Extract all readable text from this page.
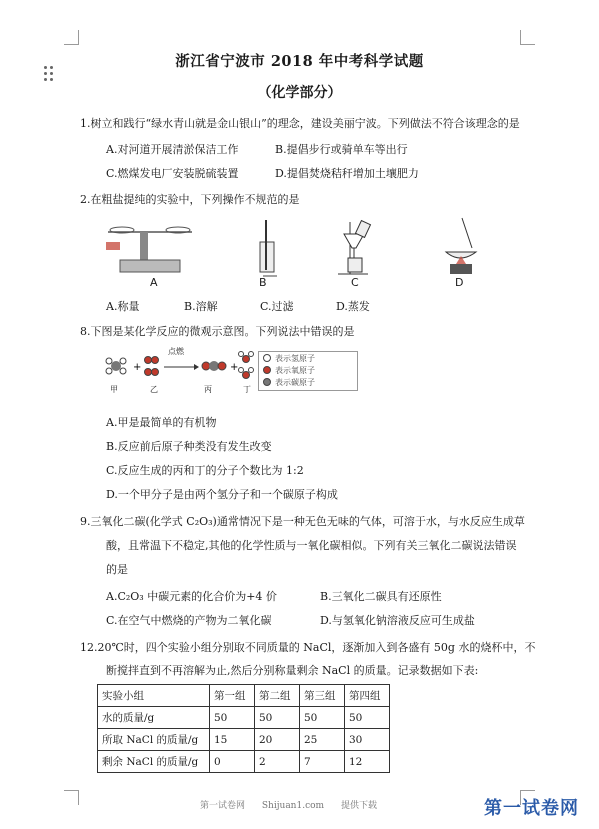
浙江省宁波市 2018 年中考科学试题
（化学部分）
1.树立和践行“绿水青山就是金山银山”的理念，建设美丽宁波。下列做法不符合该理念的是
A.对河道开展清淤保洁工作	B.提倡步行或骑单车等出行
C.燃煤发电厂安装脱硫装置	D.提倡焚烧秸秆增加土壤肥力
2.在粗盐提纯的实验中，下列操作不规范的是
A	B	C	D
A.称量	B.溶解	C.过滤	D.蒸发
8.下图是某化学反应的微观示意图。下列说法中错误的是
+	+
点燃
甲	乙	丙	丁
表示氢原子
表示氧原子
表示碳原子
A.甲是最简单的有机物
B.反应前后原子种类没有发生改变
C.反应生成的丙和丁的分子个数比为 1:2
D.一个甲分子是由两个氢分子和一个碳原子构成
9.三氧化二碳(化学式 C₂O₃)通常情况下是一种无色无味的气体，可溶于水，与水反应生成草
酸，且常温下不稳定,其他的化学性质与一氧化碳相似。下列有关三氧化二碳说法错误
的是
A.C₂O₃ 中碳元素的化合价为+4 价	B.三氧化二碳具有还原性
C.在空气中燃烧的产物为二氧化碳	D.与氢氧化钠溶液反应可生成盐
12.20℃时，四个实验小组分别取不同质量的 NaCl，逐渐加入到各盛有 50g 水的烧杯中，不
断搅拌直到不再溶解为止,然后分别称量剩余 NaCl 的质量。记录数据如下表:
实验小组	第一组	第二组	第三组	第四组
水的质量/g	50	50	50	50
所取 NaCl 的质量/g	15	20	25	30
剩余 NaCl 的质量/g	0	2	7	12
第一试卷网 Shijuan1.com 提供下载	第一试卷网
